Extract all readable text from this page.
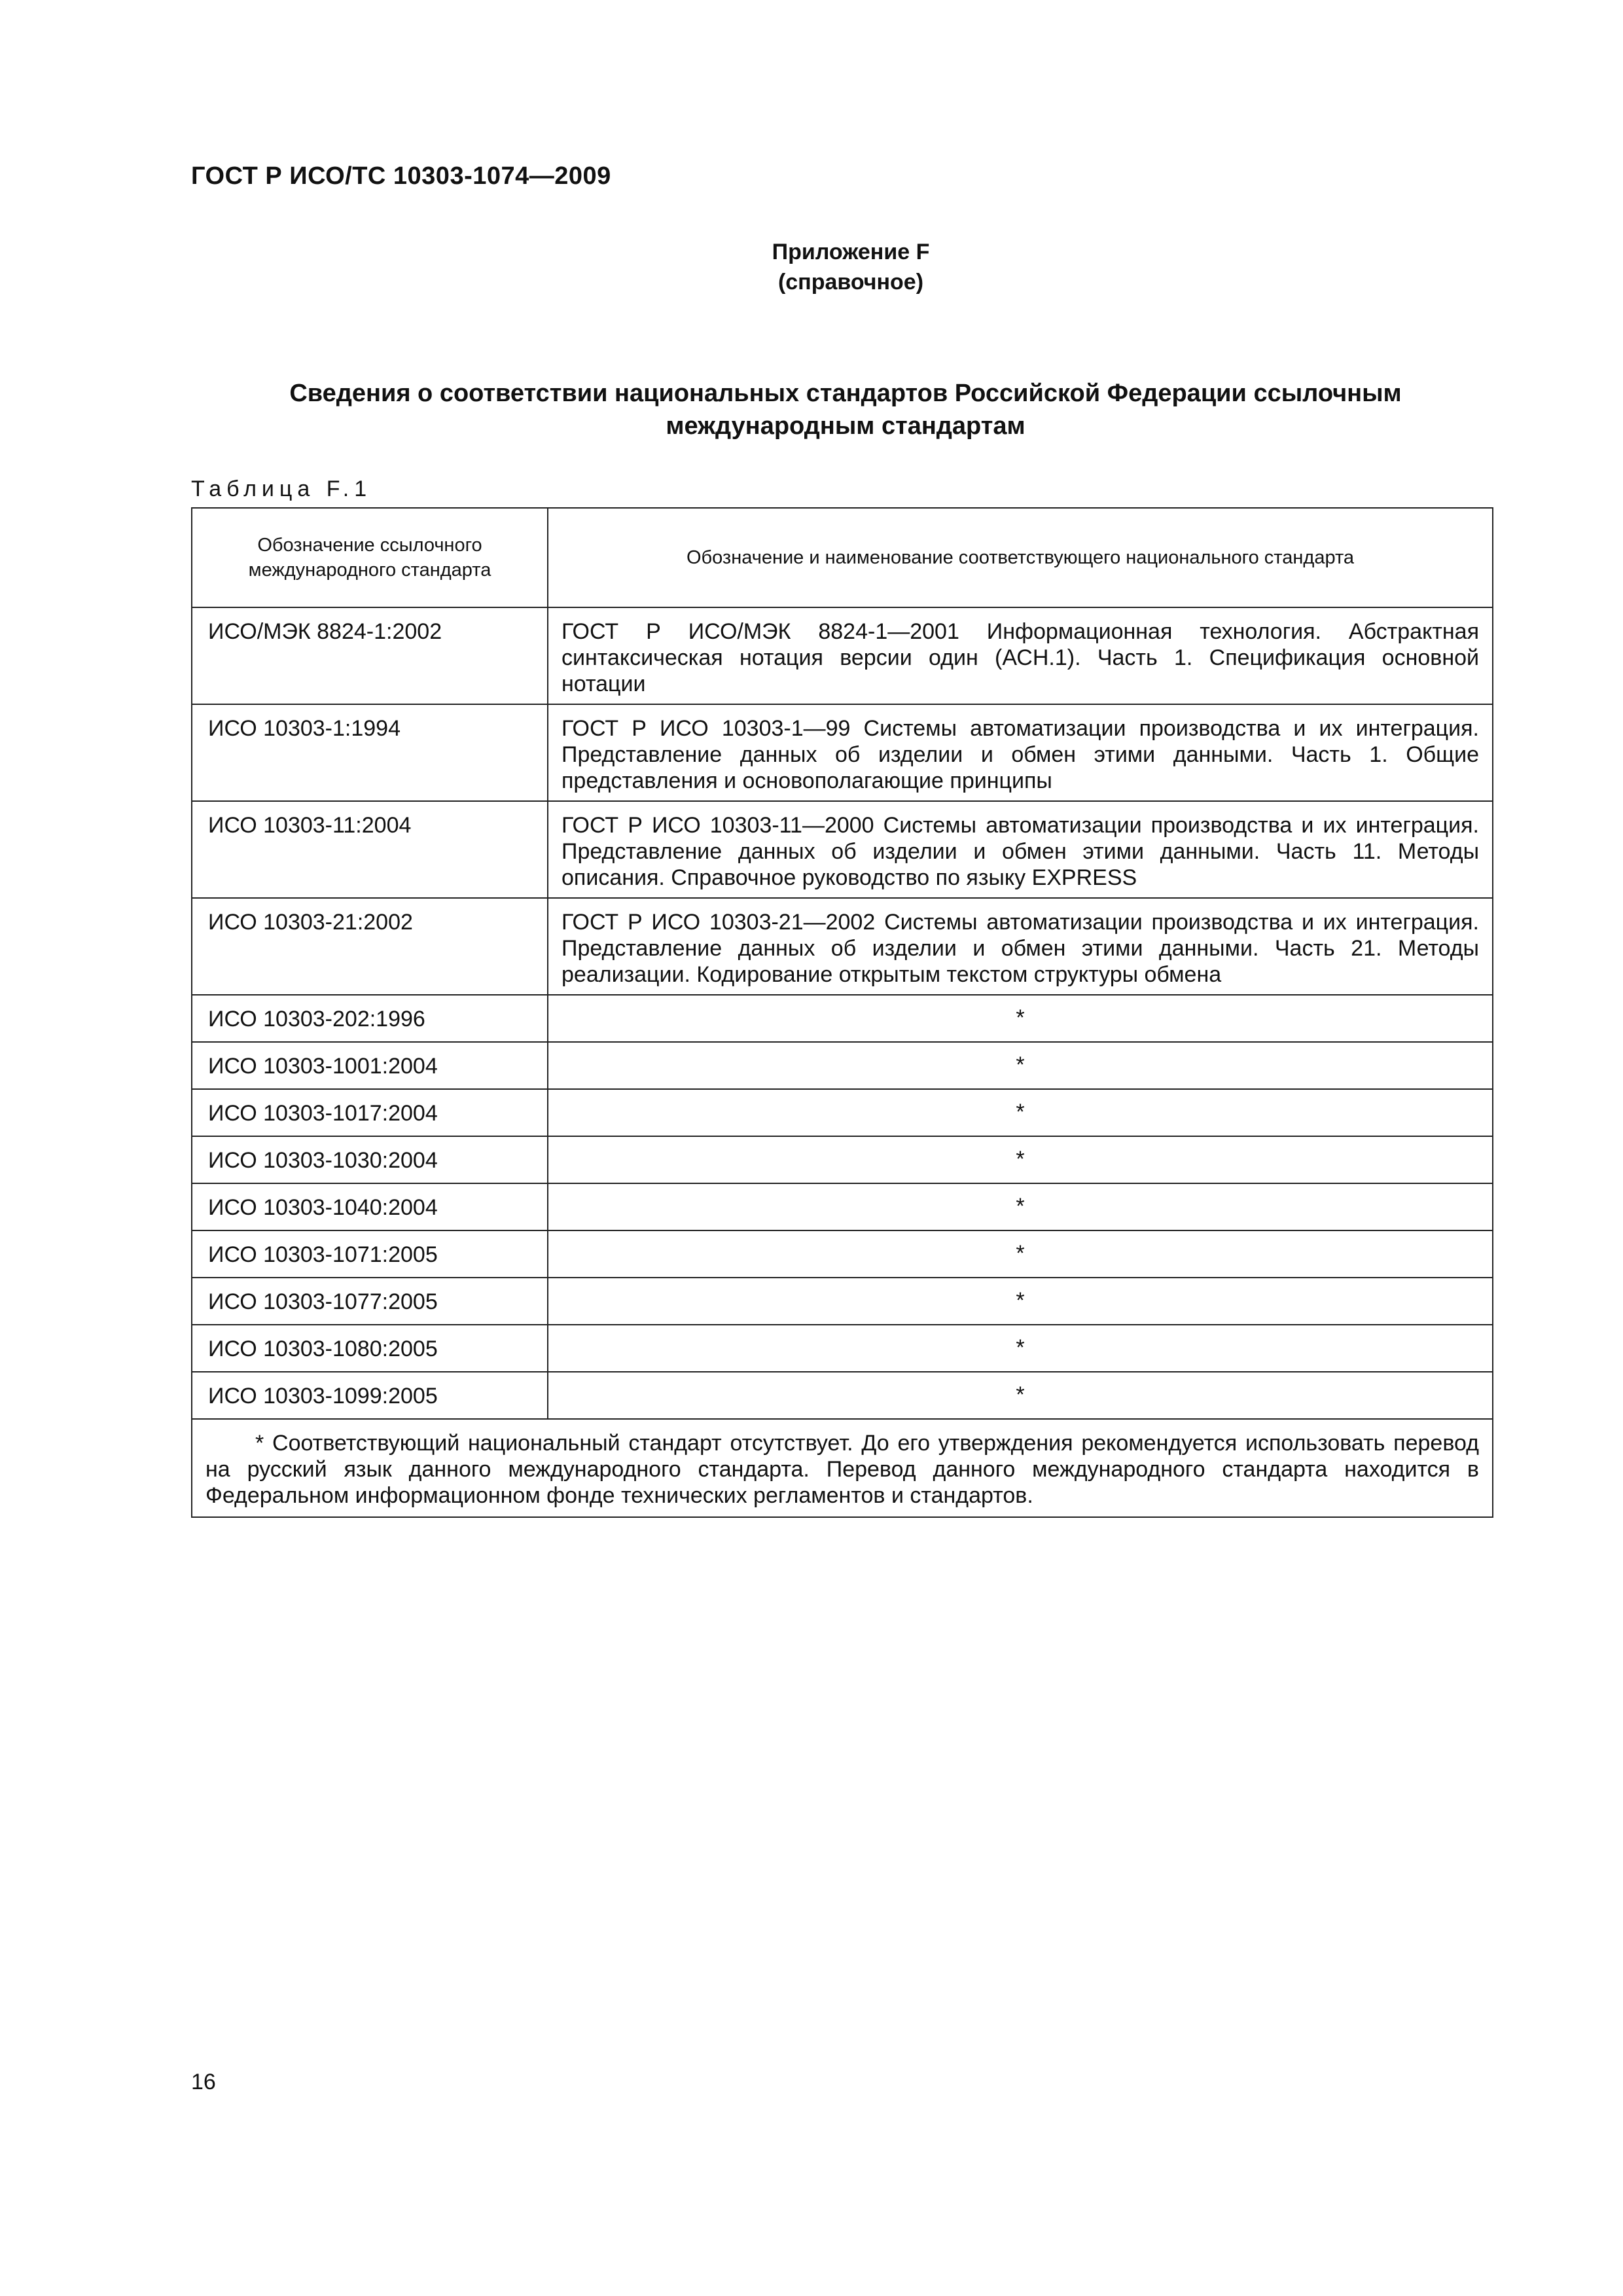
ГОСТ Р ИСО/ТС 10303-1074—2009
Приложение F
(справочное)
Сведения о соответствии национальных стандартов Российской Федерации ссылочным международным стандартам
Таблица F.1
Обозначение ссылочного международного стандарта	Обозначение и наименование соответствующего национального стандарта
ИСО/МЭК 8824-1:2002	ГОСТ Р ИСО/МЭК 8824-1—2001 Информационная технология. Абстрактная синтаксическая нотация версии один (АСН.1). Часть 1. Спецификация основной нотации
ИСО 10303-1:1994	ГОСТ Р ИСО 10303-1—99 Системы автоматизации производства и их интеграция. Представление данных об изделии и обмен этими данными. Часть 1. Общие представления и основополагающие принципы
ИСО 10303-11:2004	ГОСТ Р ИСО 10303-11—2000 Системы автоматизации производства и их интеграция. Представление данных об изделии и обмен этими данными. Часть 11. Методы описания. Справочное руководство по языку EXPRESS
ИСО 10303-21:2002	ГОСТ Р ИСО 10303-21—2002 Системы автоматизации производства и их интеграция. Представление данных об изделии и обмен этими данными. Часть 21. Методы реализации. Кодирование открытым текстом структуры обмена
ИСО 10303-202:1996	*
ИСО 10303-1001:2004	*
ИСО 10303-1017:2004	*
ИСО 10303-1030:2004	*
ИСО 10303-1040:2004	*
ИСО 10303-1071:2005	*
ИСО 10303-1077:2005	*
ИСО 10303-1080:2005	*
ИСО 10303-1099:2005	*
* Соответствующий национальный стандарт отсутствует. До его утверждения рекомендуется использовать перевод на русский язык данного международного стандарта. Перевод данного международного стандарта находится в Федеральном информационном фонде технических регламентов и стандартов.	
16
